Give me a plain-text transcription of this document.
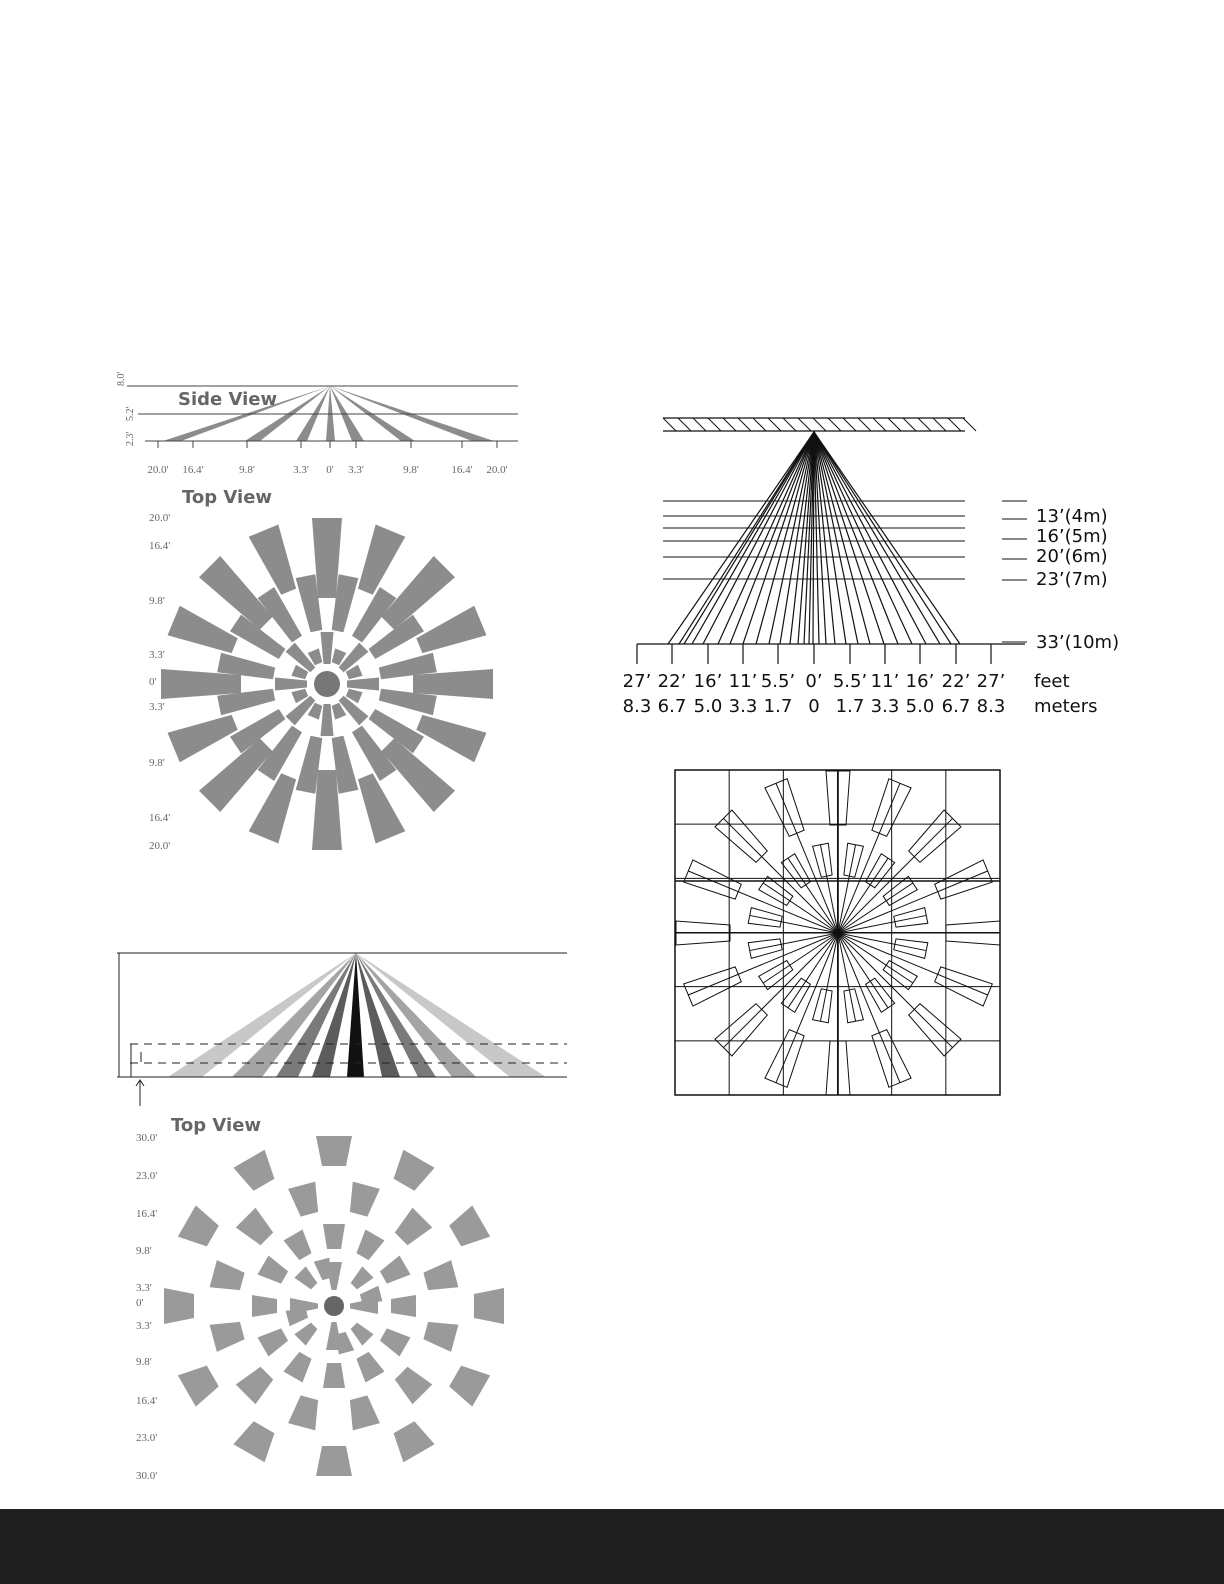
Side View
8.0'
5.2'
2.3'
20.0' 16.4'	9.8'	3.3' 0' 3.3'	9.8'	16.4' 20.0'
Top View
20.0'
16.4'
9.8'
3.3'
0'
3.3'
9.8'
16.4'
20.0'
Top View
30.0'
23.0'
16.4'
9.8'
3.3'
0'
3.3'
9.8'
16.4'
23.0'
30.0'
13’(4m)
16’(5m)
20’(6m)
23’(7m)
33’(10m)
27’ 22’ 16’ 11’ 5.5’ 0’ 5.5’ 11’ 16’ 22’ 27’
8.3 6.7 5.0 3.3 1.7 0 1.7 3.3 5.0 6.7 8.3
feet
meters
